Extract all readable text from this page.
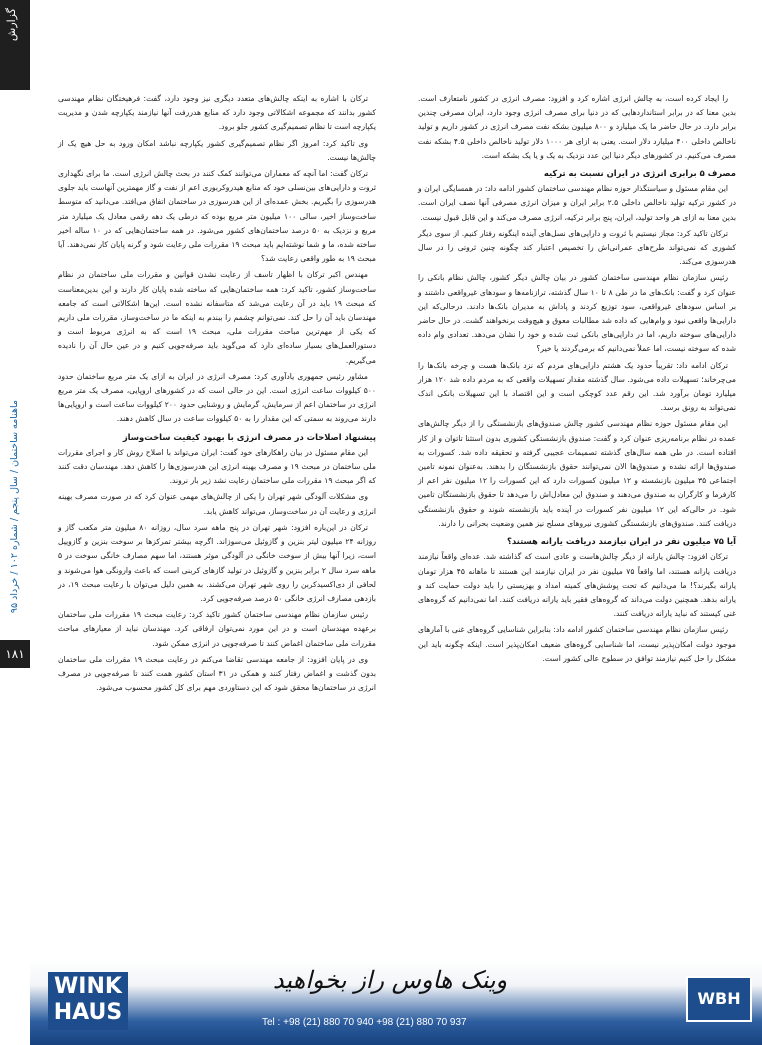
گزارش
ماهنامه ساختمان / سال پنجم / شماره ۱۰۲ / خرداد ۹۵
۱۸۱

را ایجاد کرده است، به چالش انرژی اشاره کرد و افزود: مصرف انرژی در کشور نامتعارف است. بدین معنا که در برابر استانداردهایی که در دنیا برای مصرف انرژی وجود دارد، ایران مصرفی چندین برابر دارد. در حال حاضر ما یک میلیارد و ۸۰۰ میلیون بشکه نفت مصرف انرژی در کشور داریم و تولید ناخالص داخلی ۴۰۰ میلیارد دلار است. یعنی به ازای هر ۱۰۰۰ دلار تولید ناخالص داخلی ۴.۵ بشکه نفت مصرف می‌کنیم. در کشورهای دیگر دنیا این عدد نزدیک به یک و یا یک بشکه است.

مصرف ۵ برابری انرژی در ایران نسبت به ترکیه

این مقام مسئول و سیاستگذار حوزه نظام مهندسی ساختمان کشور ادامه داد: در همسایگی ایران و در کشور ترکیه تولید ناخالص داخلی ۲.۵ برابر ایران و میزان انرژی مصرفی آنها نصف ایران است. بدین معنا به ازای هر واحد تولید، ایران، پنج برابر ترکیه، انرژی مصرف می‌کند و این قابل قبول نیست.

ترکان تاکید کرد: مجاز نیستیم با ثروت و دارایی‌های نسل‌های آینده اینگونه رفتار کنیم. از سوی دیگر کشوری که نمی‌تواند طرح‌های عمرانی‌اش را تخصیص اعتبار کند چگونه چنین ثروتی را در سال هدرسوزی می‌کند.

رئیس سازمان نظام مهندسی ساختمان کشور در بیان چالش دیگر کشور، چالش نظام بانکی را عنوان کرد و گفت: بانک‌های ما در طی ۸ تا ۱۰ سال گذشته، ترازنامه‌ها و سودهای غیرواقعی داشتند و بر اساس سودهای غیرواقعی، سود توزیع کردند و پاداش به مدیران بانک‌ها دادند. درحالی‌که این دارایی‌ها واقعی نبود و وام‌هایی که داده شد مطالبات معوق و هیچ‌وقت برنخواهند گشت. در حال حاضر دارایی‌های سوخته داریم، اما در دارایی‌های بانکی ثبت شده و خود را نشان می‌دهد. تعدادی وام داده شده که سوخته نیست، اما عملاً نمی‌دانیم که برمی‌گردند یا خیر؟

ترکان ادامه داد: تقریباً حدود یک هشتم دارایی‌های مردم که نزد بانک‌ها هست و چرخه بانک‌ها را می‌چرخاند؛ تسهیلات داده می‌شود. سال گذشته مقدار تسهیلات واقعی که به مردم داده شد ۱۲۰ هزار میلیارد تومان برآورد شد. این رقم عدد کوچکی است و این اقتصاد با این تسهیلات بانکی اندک نمی‌تواند به رونق برسد.

این مقام مسئول حوزه نظام مهندسی کشور چالش صندوق‌های بازنشستگی را از دیگر چالش‌های عمده در نظام برنامه‌ریزی عنوان کرد و گفت: صندوق بازنشستگی کشوری بدون استثنا تاتوان و از کار افتاده است. در طی همه سال‌های گذشته تصمیمات عجیبی گرفته و تحقیقه داده شد. کسورات به صندوق‌ها ارائه نشده و صندوق‌ها الان نمی‌توانند حقوق بازنشستگان را بدهند. به‌عنوان نمونه تامین اجتماعی ۳۵ میلیون بازنشسته و ۱۲ میلیون کسورات دارد که این کسورات را ۱۲ میلیون نفر اعم از کارفرما و کارگران به صندوق می‌دهند و صندوق این معادل‌اش را می‌دهد تا حقوق بازنشستگان تامین شود. در حالی‌که این ۱۲ میلیون نفر کسورات در آینده باید بازنشسته شوند و حقوق بازنشستگی دریافت کنند. صندوق‌های بازنشستگی کشوری نیروهای مسلح نیز همین وضعیت بحرانی را دارند.

آیا ۷۵ میلیون نفر در ایران نیازمند دریافت یارانه هستند؟

ترکان افزود: چالش یارانه از دیگر چالش‌هاست و عادی است که گذاشته شد. عده‌ای واقعاً نیازمند دریافت یارانه هستند، اما واقعاً ۷۵ میلیون نفر در ایران نیازمند این هستند تا ماهانه ۴۵ هزار تومان یارانه بگیرند؟! ما می‌دانیم که تحت پوشش‌های کمیته امداد و بهزیستی را باید دولت حمایت کند و یارانه بدهد. همچنین دولت می‌داند که گروه‌های فقیر باید یارانه دریافت کنند. اما نمی‌دانیم که گروه‌های غنی کیستند که نباید یارانه دریافت کنند.

رئیس سازمان نظام مهندسی ساختمان کشور ادامه داد: بنابراین شناسایی گروه‌های غنی با آمارهای موجود دولت امکان‌پذیر نیست، اما شناسایی گروه‌های ضعیف امکان‌پذیر است. اینکه چگونه باید این مشکل را حل کنیم نیازمند توافق در سطوح عالی کشور است.

ترکان با اشاره به اینکه چالش‌های متعدد دیگری نیز وجود دارد، گفت: فرهیختگان نظام مهندسی کشور بدانند که مجموعه اشکالاتی وجود دارد که منابع هدررفت آنها نیازمند یکپارچه شدن و مدیریت یکپارچه است تا نظام تصمیم‌گیری کشور جلو برود.

وی تاکید کرد: امروز اگر نظام تصمیم‌گیری کشور یکپارچه نباشد امکان ورود به حل هیچ یک از چالش‌ها نیست.

ترکان گفت: اما آنچه که معماران می‌توانند کمک کنند در بحث چالش انرژی است. ما برای نگهداری ثروت و دارایی‌های بین‌نسلی خود که منابع هیدروکربوری اعم از نفت و گاز مهمترین آنهاست باید جلوی هدرسوزی را بگیریم. بخش عمده‌ای از این هدرسوزی در ساختمان اتفاق می‌افتد. می‌دانید که متوسط ساخت‌وساز اخیر، سالی ۱۰۰ میلیون متر مربع بوده که درطی یک دهه رقمی معادل یک میلیارد متر مربع و نزدیک به ۵۰ درصد ساختمان‌های کشور می‌شود. در همه ساختمان‌هایی که در ۱۰ ساله اخیر ساخته شده، ما و شما نوشته‌ایم باید مبحث ۱۹ مقررات ملی رعایت شود و گرنه پایان کار نمی‌دهند. آیا مبحث ۱۹ به طور واقعی رعایت شد؟

مهندس اکبر ترکان با اظهار تاسف از رعایت نشدن قوانین و مقررات ملی ساختمان در نظام ساخت‌وساز کشور، تاکید کرد: همه ساختمان‌هایی که ساخته شده پایان کار دارند و این بدین‌معناست که مبحث ۱۹ باید در آن رعایت می‌شد که متاسفانه نشده است. این‌ها اشکالاتی است که جامعه مهندسان باید آن را حل کند. نمی‌توانم چشمم را ببندم به اینکه ما در ساخت‌وساز، مقررات ملی داریم که یکی از مهم‌ترین مباحث مقررات ملی، مبحث ۱۹ است که به انرژی مربوط است و دستورالعمل‌های بسیار ساده‌ای دارد که می‌گوید باید صرفه‌جویی کنیم و در عین حال آن را نادیده می‌گیریم.

مشاور رئیس جمهوری یادآوری کرد: مصرف انرژی در ایران به ازای یک متر مربع ساختمان حدود ۵۰۰ کیلووات ساعت انرژی است. این در حالی است که در کشورهای اروپایی، مصرف یک متر مربع انرژی در ساختمان اعم از سرمایش، گرمایش و روشنایی حدود ۲۰۰ کیلووات ساعت است و اروپایی‌ها دارند می‌روند به سمتی که این مقدار را به ۵۰ کیلووات ساعت در سال کاهش دهند.

پیشنهاد اصلاحات در مصرف انرژی با بهبود کیفیت ساخت‌وساز

این مقام مسئول در بیان راهکارهای خود گفت: ایران می‌تواند با اصلاح روش کار و اجرای مقررات ملی ساختمان در مبحث ۱۹ و مصرف بهینه انرژی این هدرسوزی‌ها را کاهش دهد. مهندسان دقت کنند که اگر مبحث ۱۹ مقررات ملی ساختمان رعایت نشد زیر بار نروند.

وی مشکلات آلودگی شهر تهران را یکی از چالش‌های مهمی عنوان کرد که در صورت مصرف بهینه انرژی و رعایت آن در ساخت‌وساز، می‌تواند کاهش یابد.

ترکان در این‌باره افزود: شهر تهران در پنج ماهه سرد سال، روزانه ۸۰ میلیون متر مکعب گاز و روزانه ۲۴ میلیون لیتر بنزین و گازوئیل می‌سوزاند. اگرچه بیشتر تمرکزها بر سوخت بنزین و گازوییل است، زیرا آنها بیش از سوخت خانگی در آلودگی موثر هستند، اما سهم مصارف خانگی سوخت در ۵ ماهه سرد سال ۲ برابر بنزین و گازوئیل در تولید گازهای کربنی است که باعث وارونگی هوا می‌شوند و لحافی از دی‌اکسید‌کربن را روی شهر تهران می‌کشند. به همین دلیل می‌توان با رعایت مبحث ۱۹، در بازدهی مصارف انرژی خانگی ۵۰ درصد صرفه‌جویی کرد.

رئیس سازمان نظام مهندسی ساختمان کشور تاکید کرد: رعایت مبحث ۱۹ مقررات ملی ساختمان برعهده مهندسان است و در این مورد نمی‌توان ارفاقی کرد. مهندسان نباید از معیارهای مباحث مقررات ملی ساختمان اغماض کنند تا صرفه‌جویی در انرژی ممکن شود.

وی در پایان افزود: از جامعه مهندسی تقاضا می‌کنم در رعایت مبحث ۱۹ مقررات ملی ساختمان بدون گذشت و اغماض رفتار کنند و همکی در ۳۱ استان کشور همت کنند تا صرفه‌جویی در مصرف انرژی در ساختمان‌ها محقق شود که این دستاوردی مهم برای کل کشور محسوب می‌شود.

WINK
HAUS
وینک هاوس راز بخواهید
Tel : +98 (21) 880 70 940 +98 (21) 880 70 937
WBH
